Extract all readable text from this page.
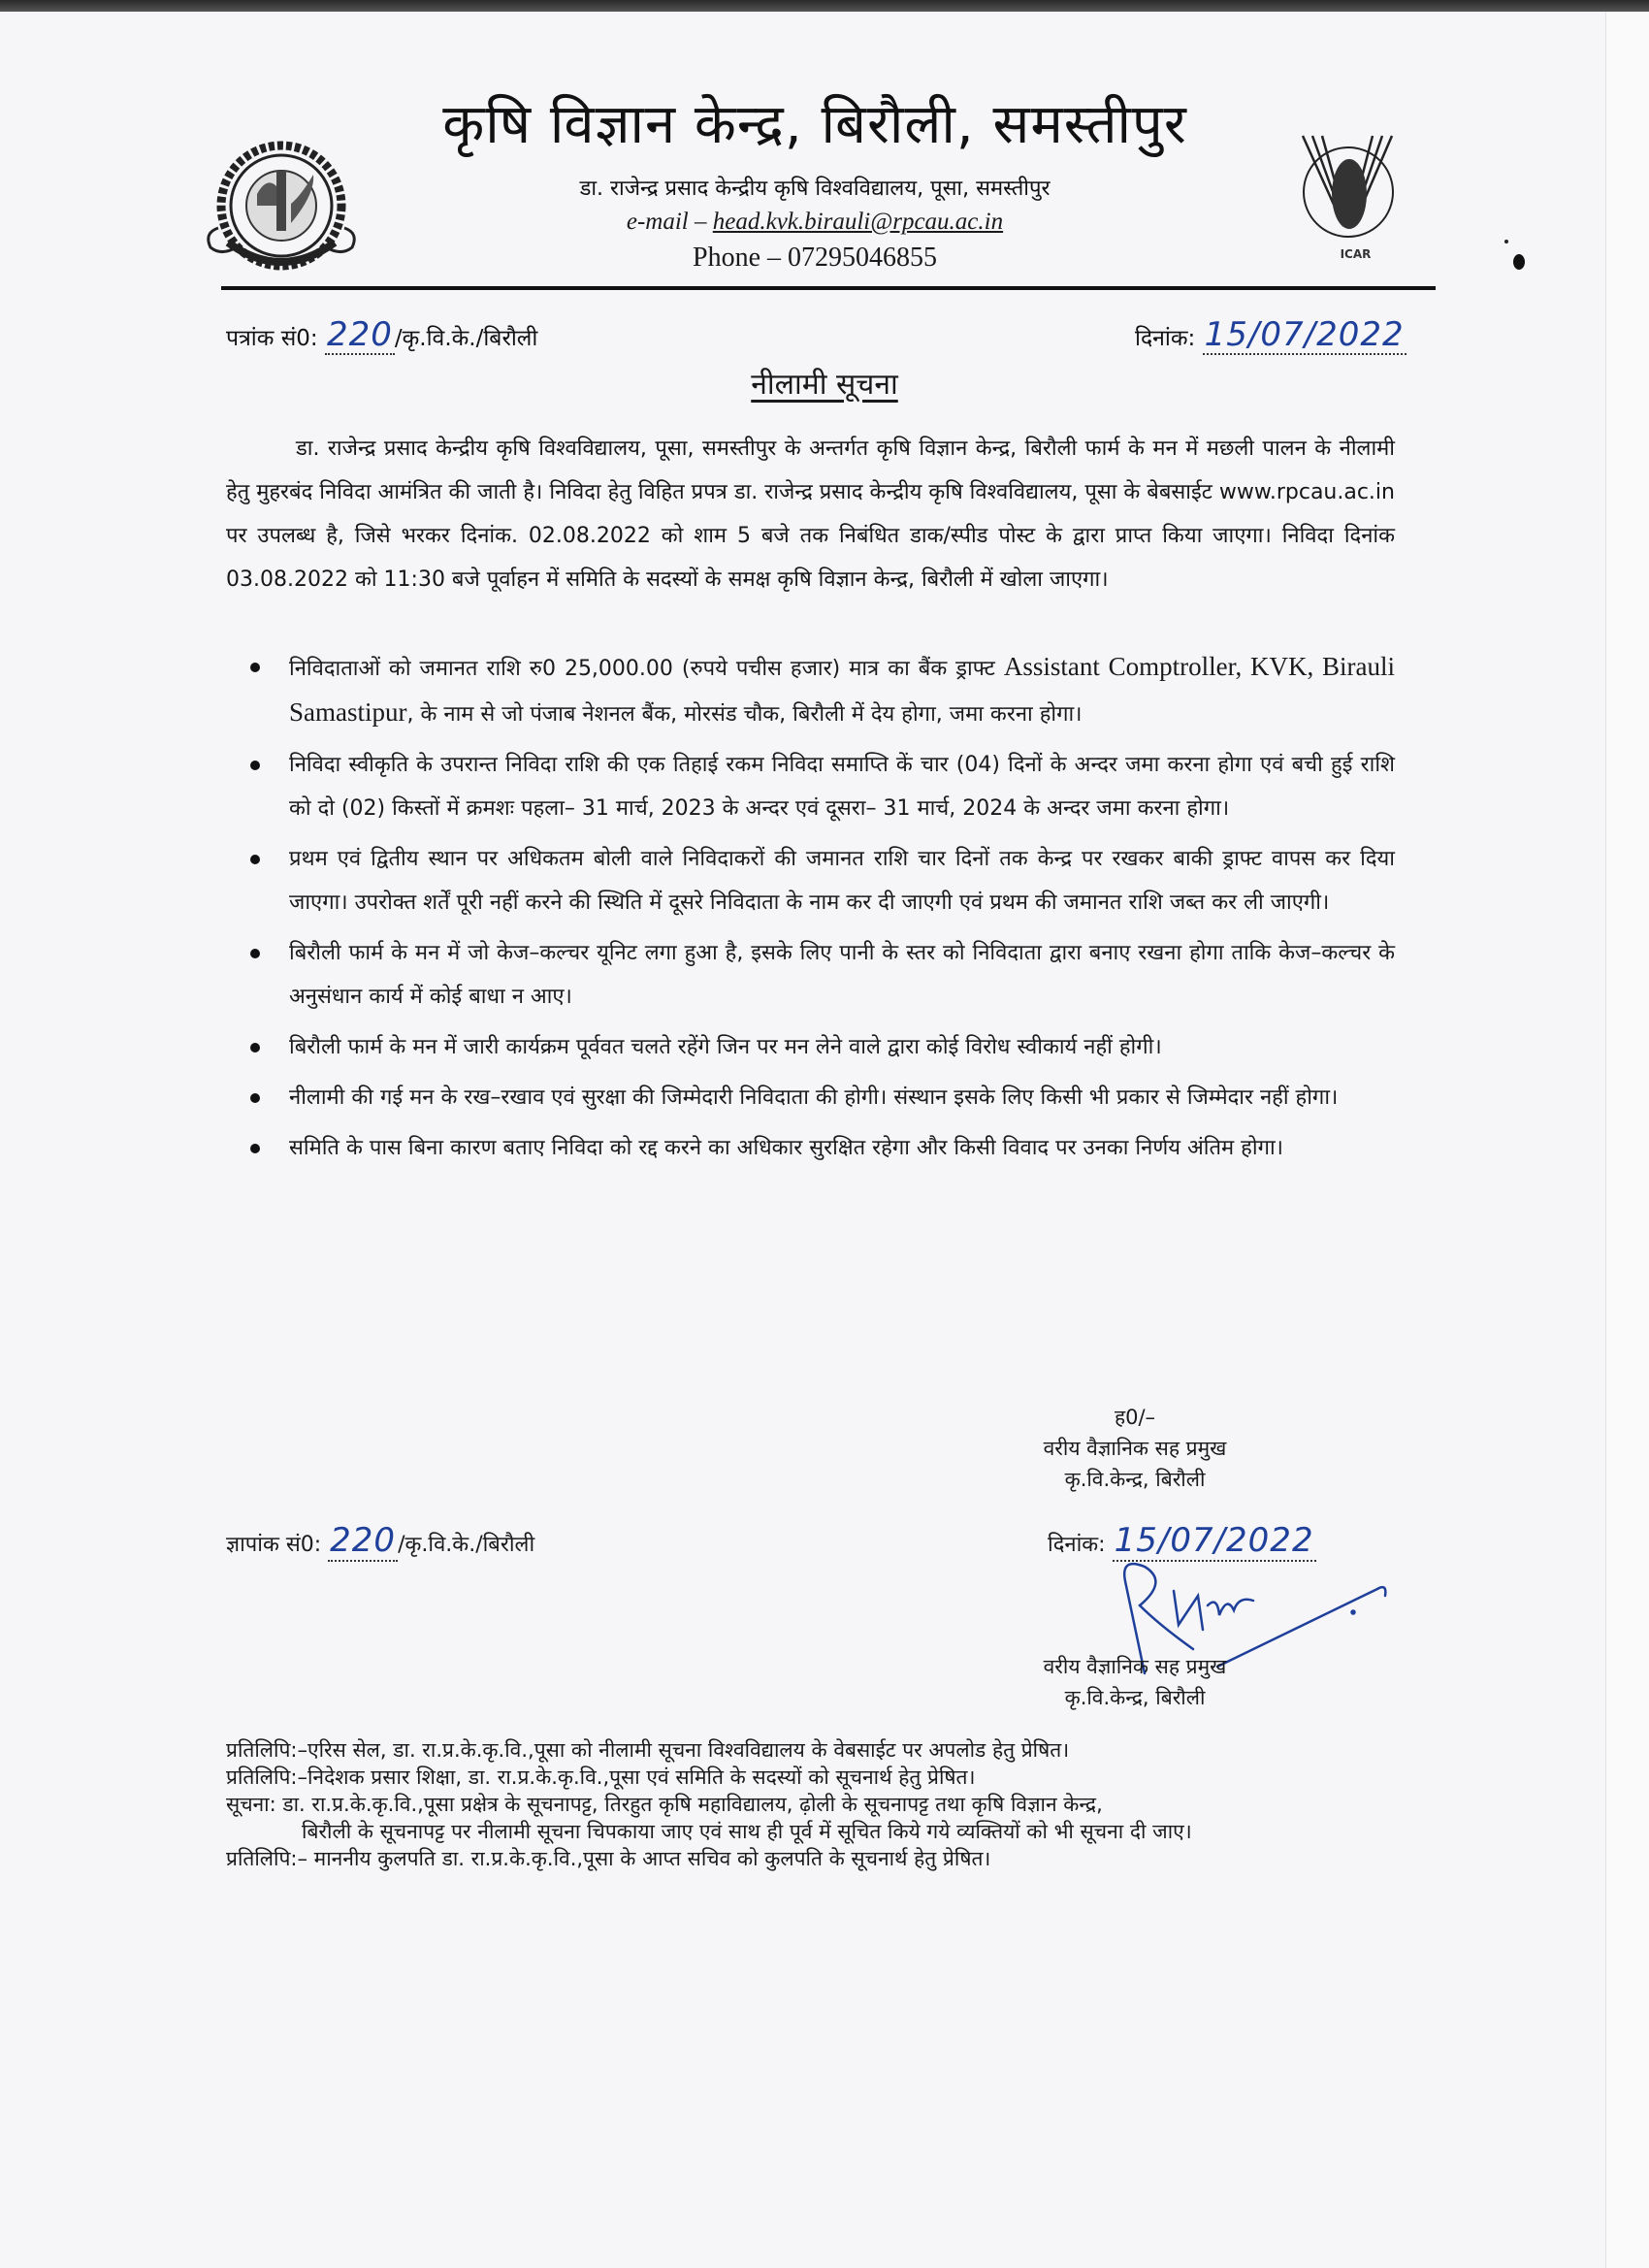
ICAR
कृषि विज्ञान केन्द्र, बिरौली, समस्तीपुर
डा. राजेन्द्र प्रसाद केन्द्रीय कृषि विश्वविद्यालय, पूसा, समस्तीपुर
e-mail – head.kvk.birauli@rpcau.ac.in
Phone – 07295046855
पत्रांक सं0: 220/कृ.वि.के./बिरौली	दिनांक: 15/07/2022
नीलामी सूचना
डा. राजेन्द्र प्रसाद केन्द्रीय कृषि विश्वविद्यालय, पूसा, समस्तीपुर के अन्तर्गत कृषि विज्ञान केन्द्र, बिरौली फार्म के मन में मछली पालन के नीलामी हेतु मुहरबंद निविदा आमंत्रित की जाती है। निविदा हेतु विहित प्रपत्र डा. राजेन्द्र प्रसाद केन्द्रीय कृषि विश्वविद्यालय, पूसा के बेबसाईट www.rpcau.ac.in पर उपलब्ध है, जिसे भरकर दिनांक. 02.08.2022 को शाम 5 बजे तक निबंधित डाक/स्पीड पोस्ट के द्वारा प्राप्त किया जाएगा। निविदा दिनांक 03.08.2022 को 11:30 बजे पूर्वाहन में समिति के सदस्यों के समक्ष कृषि विज्ञान केन्द्र, बिरौली में खोला जाएगा।
निविदाताओं को जमानत राशि रु0 25,000.00 (रुपये पचीस हजार) मात्र का बैंक ड्राफ्ट Assistant Comptroller, KVK, Birauli Samastipur, के नाम से जो पंजाब नेशनल बैंक, मोरसंड चौक, बिरौली में देय होगा, जमा करना होगा।
निविदा स्वीकृति के उपरान्त निविदा राशि की एक तिहाई रकम निविदा समाप्ति कें चार (04) दिनों के अन्दर जमा करना होगा एवं बची हुई राशि को दो (02) किस्तों में क्रमशः पहला– 31 मार्च, 2023 के अन्दर एवं दूसरा– 31 मार्च, 2024 के अन्दर जमा करना होगा।
प्रथम एवं द्वितीय स्थान पर अधिकतम बोली वाले निविदाकरों की जमानत राशि चार दिनों तक केन्द्र पर रखकर बाकी ड्राफ्ट वापस कर दिया जाएगा। उपरोक्त शर्तें पूरी नहीं करने की स्थिति में दूसरे निविदाता के नाम कर दी जाएगी एवं प्रथम की जमानत राशि जब्त कर ली जाएगी।
बिरौली फार्म के मन में जो केज–कल्चर यूनिट लगा हुआ है, इसके लिए पानी के स्तर को निविदाता द्वारा बनाए रखना होगा ताकि केज–कल्चर के अनुसंधान कार्य में कोई बाधा न आए।
बिरौली फार्म के मन में जारी कार्यक्रम पूर्ववत चलते रहेंगे जिन पर मन लेने वाले द्वारा कोई विरोध स्वीकार्य नहीं होगी।
नीलामी की गई मन के रख–रखाव एवं सुरक्षा की जिम्मेदारी निविदाता की होगी। संस्थान इसके लिए किसी भी प्रकार से जिम्मेदार नहीं होगा।
समिति के पास बिना कारण बताए निविदा को रद्द करने का अधिकार सुरक्षित रहेगा और किसी विवाद पर उनका निर्णय अंतिम होगा।
ह0/–
वरीय वैज्ञानिक सह प्रमुख
कृ.वि.केन्द्र, बिरौली
ज्ञापांक सं0: 220/कृ.वि.के./बिरौली	दिनांक: 15/07/2022
वरीय वैज्ञानिक सह प्रमुख
कृ.वि.केन्द्र, बिरौली

प्रतिलिपि:–एरिस सेल, डा. रा.प्र.के.कृ.वि.,पूसा को नीलामी सूचना विश्वविद्यालय के वेबसाईट पर अपलोड हेतु प्रेषित।

प्रतिलिपि:–निदेशक प्रसार शिक्षा, डा. रा.प्र.के.कृ.वि.,पूसा एवं समिति के सदस्यों को सूचनार्थ हेतु प्रेषित।

सूचना: डा. रा.प्र.के.कृ.वि.,पूसा प्रक्षेत्र के सूचनापट्ट, तिरहुत कृषि महाविद्यालय, ढ़ोली के सूचनापट्ट तथा कृषि विज्ञान केन्द्र,

बिरौली के सूचनापट्ट पर नीलामी सूचना चिपकाया जाए एवं साथ ही पूर्व में सूचित किये गये व्यक्तियों को भी सूचना दी जाए।

प्रतिलिपि:– माननीय कुलपति डा. रा.प्र.के.कृ.वि.,पूसा के आप्त सचिव को कुलपति के सूचनार्थ हेतु प्रेषित।
